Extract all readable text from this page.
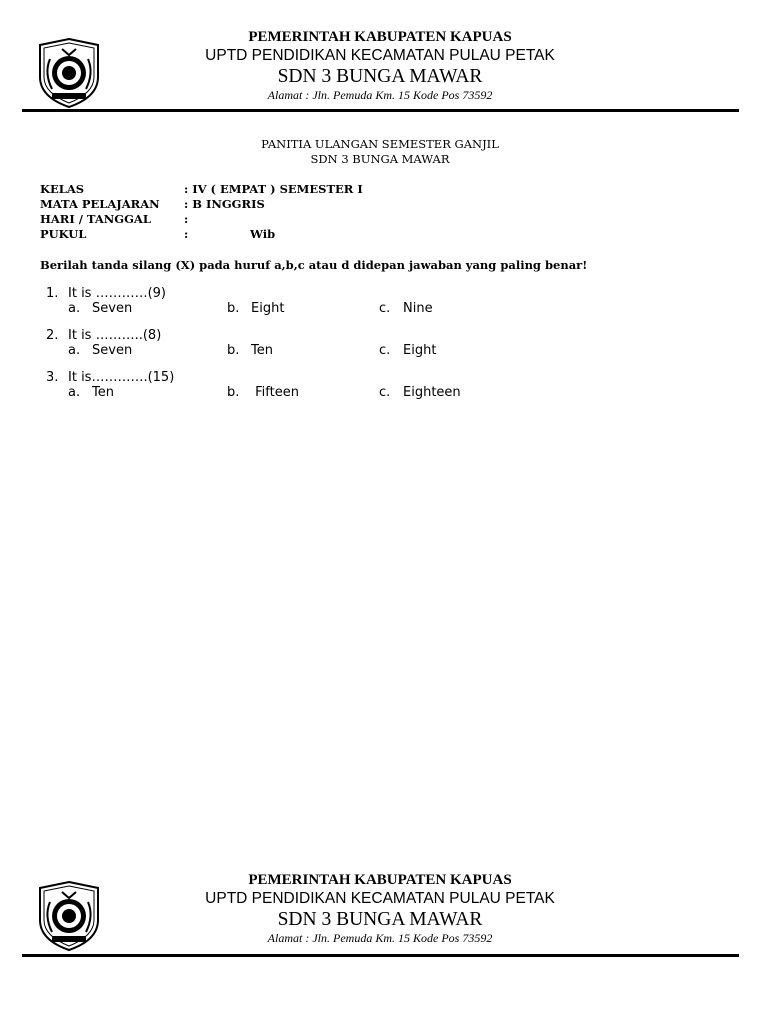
PEMERINTAH KABUPATEN KAPUAS
UPTD PENDIDIKAN KECAMATAN PULAU PETAK
SDN 3 BUNGA MAWAR
Alamat : Jln. Pemuda Km. 15 Kode Pos 73592
PANITIA ULANGAN SEMESTER GANJIL
SDN 3 BUNGA MAWAR
KELAS	: IV ( EMPAT ) SEMESTER I
MATA PELAJARAN : B INGGRIS
HARI / TANGGAL	:
PUKUL	:	Wib
Berilah tanda silang (X) pada huruf a,b,c atau d didepan jawaban yang paling benar!
1. It is …………(9)
a. Seven	b. Eight	c. Nine
2. It is ………..(8)
a. Seven	b. Ten	c. Eight
3. It is………….(15)
a. Ten	b. Fifteen	c. Eighteen
PEMERINTAH KABUPATEN KAPUAS
UPTD PENDIDIKAN KECAMATAN PULAU PETAK
SDN 3 BUNGA MAWAR
Alamat : Jln. Pemuda Km. 15 Kode Pos 73592
